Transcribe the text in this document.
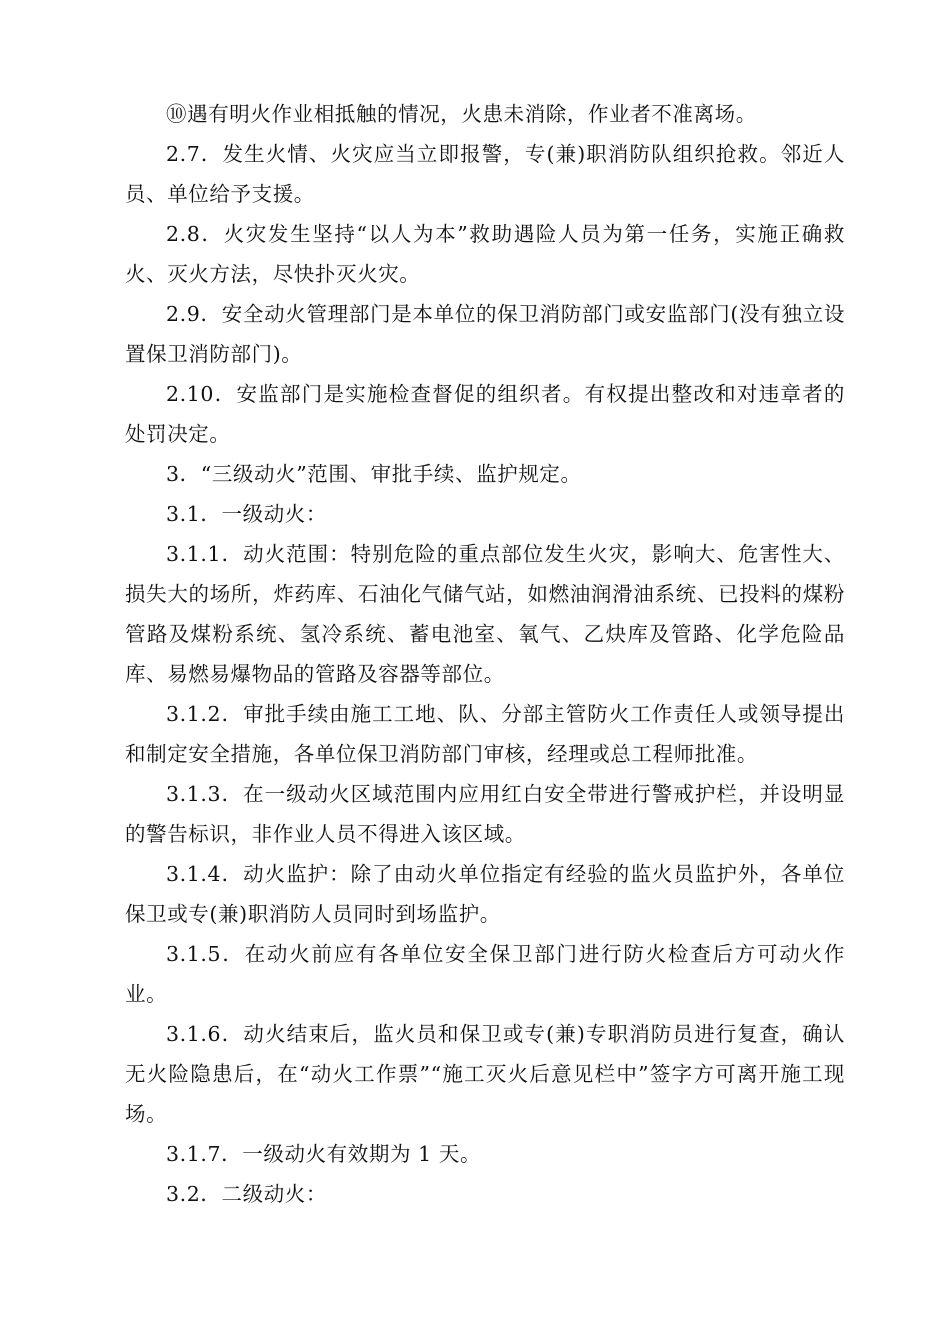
⑩遇有明火作业相抵触的情况，火患未消除，作业者不准离场。

2.7．发生火情、火灾应当立即报警，专(兼)职消防队组织抢救。邻近人员、单位给予支援。

2.8．火灾发生坚持“以人为本”救助遇险人员为第一任务，实施正确救火、灭火方法，尽快扑灭火灾。

2.9．安全动火管理部门是本单位的保卫消防部门或安监部门(没有独立设置保卫消防部门)。

2.10．安监部门是实施检查督促的组织者。有权提出整改和对违章者的处罚决定。

3．“三级动火”范围、审批手续、监护规定。

3.1．一级动火：

3.1.1．动火范围：特别危险的重点部位发生火灾，影响大、危害性大、损失大的场所，炸药库、石油化气储气站，如燃油润滑油系统、已投料的煤粉管路及煤粉系统、氢冷系统、蓄电池室、氧气、乙炔库及管路、化学危险品库、易燃易爆物品的管路及容器等部位。

3.1.2．审批手续由施工工地、队、分部主管防火工作责任人或领导提出和制定安全措施，各单位保卫消防部门审核，经理或总工程师批准。

3.1.3．在一级动火区域范围内应用红白安全带进行警戒护栏，并设明显的警告标识，非作业人员不得进入该区域。

3.1.4．动火监护：除了由动火单位指定有经验的监火员监护外，各单位保卫或专(兼)职消防人员同时到场监护。

3.1.5．在动火前应有各单位安全保卫部门进行防火检查后方可动火作业。

3.1.6．动火结束后，监火员和保卫或专(兼)专职消防员进行复查，确认无火险隐患后，在“动火工作票”“施工灭火后意见栏中”签字方可离开施工现场。

3.1.7．一级动火有效期为 1 天。

3.2．二级动火：
